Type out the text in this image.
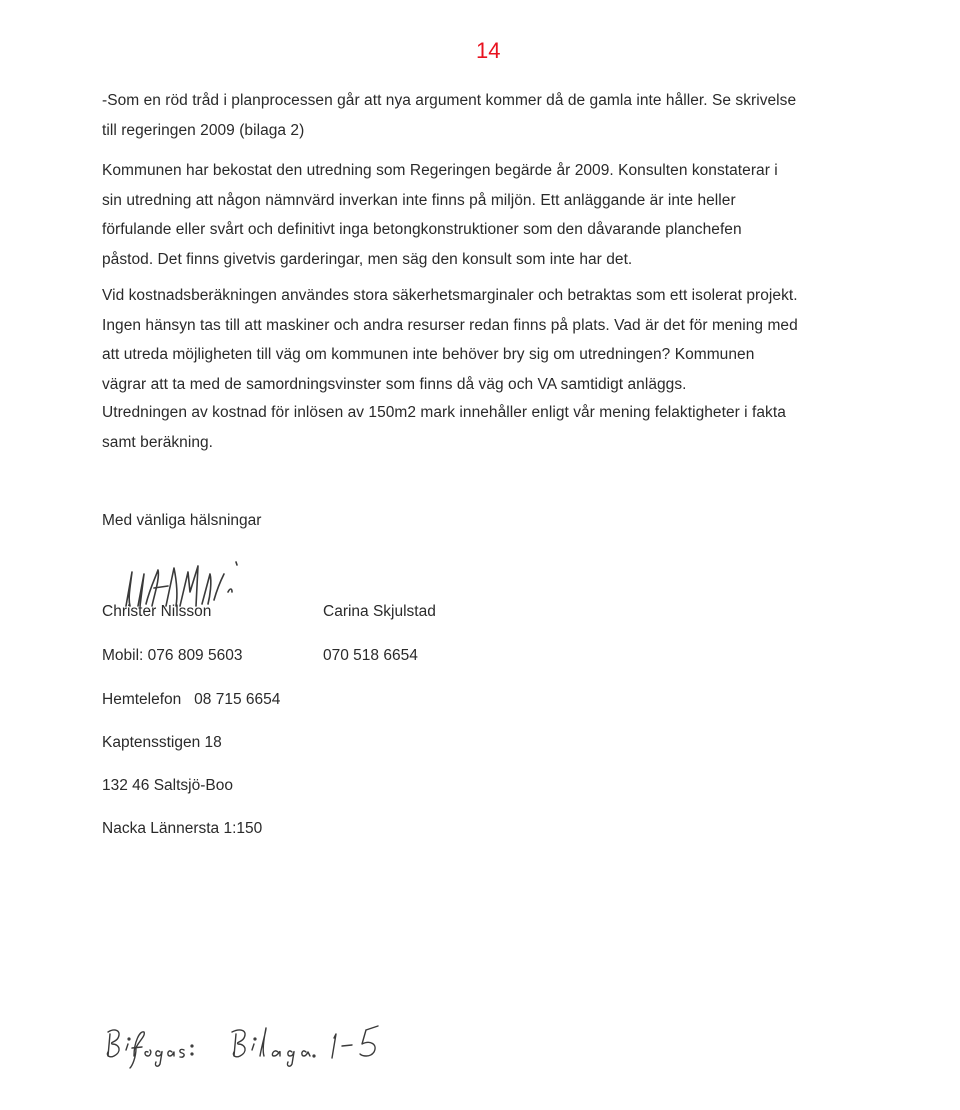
14
-Som en röd tråd i planprocessen går att nya argument kommer då de gamla inte håller. Se skrivelse
till regeringen 2009 (bilaga 2)
Kommunen har bekostat den utredning som Regeringen begärde år 2009. Konsulten konstaterar i
sin utredning att någon nämnvärd inverkan inte finns på miljön. Ett anläggande är inte heller
förfulande eller svårt och definitivt inga betongkonstruktioner som den dåvarande planchefen
påstod. Det finns givetvis garderingar, men säg den konsult som inte har det.
Vid kostnadsberäkningen användes stora säkerhetsmarginaler och betraktas som ett isolerat projekt.
Ingen hänsyn tas till att maskiner och andra resurser redan finns på plats. Vad är det för mening med
att utreda möjligheten till väg om kommunen inte behöver bry sig om utredningen? Kommunen
vägrar att ta med de samordningsvinster som finns då väg och VA samtidigt anläggs.
Utredningen av kostnad för inlösen av 150m2 mark innehåller enligt vår mening felaktigheter i fakta
samt beräkning.
Med vänliga hälsningar
Christer Nilsson	Carina Skjulstad
Mobil: 076 809 5603	070 518 6654
Hemtelefon   08 715 6654
Kaptensstigen 18
132 46 Saltsjö-Boo
Nacka Lännersta 1:150
